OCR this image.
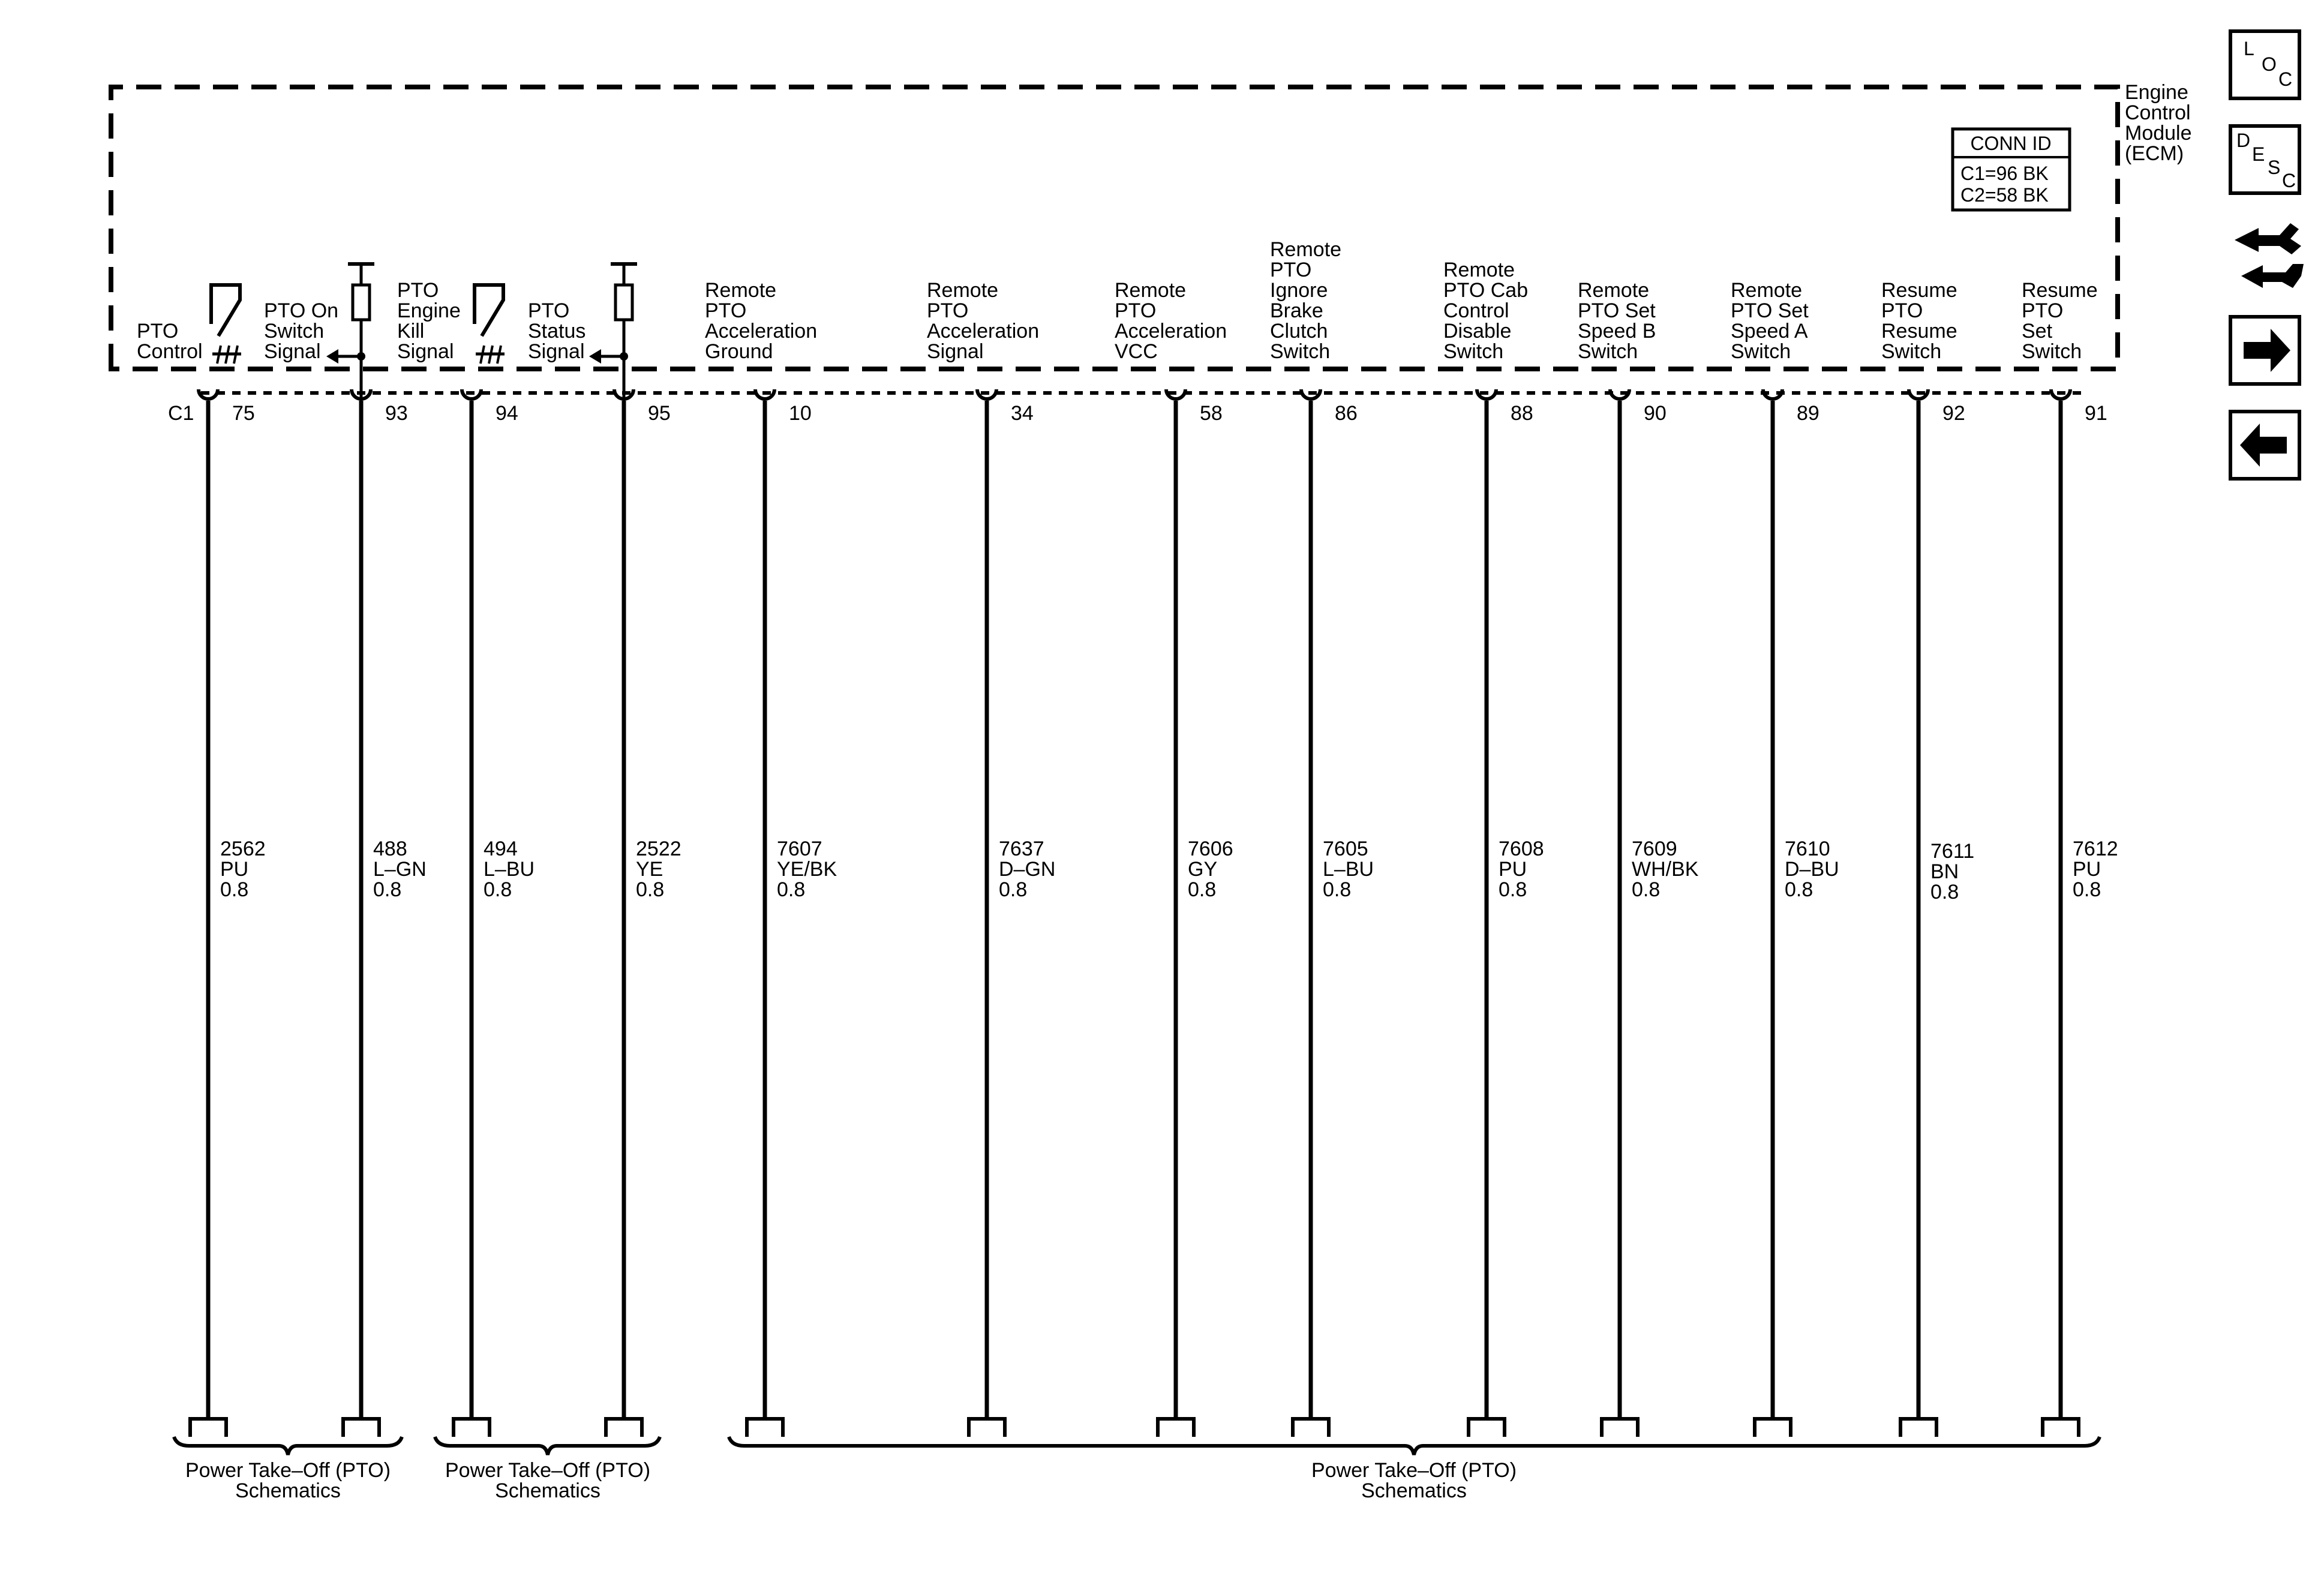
Engine
Control
Module
(ECM)
CONN ID
C1=96 BK
C2=58 BK
C1
PTO
Control
75
2562
PU
0.8
PTO On
Switch
Signal
PTO
Engine
Kill
Signal
93
488
L–GN
0.8
PTO
Status
Signal
94
494
L–BU
0.8
95
2522
YE
0.8
Remote
PTO
Acceleration
Ground
10
7607
YE/BK
0.8
Remote
PTO
Acceleration
Signal
34
7637
D–GN
0.8
Remote
PTO
Acceleration
VCC
58
7606
GY
0.8
Remote
PTO
Ignore
Brake
Clutch
Switch
86
7605
L–BU
0.8
Remote
PTO Cab
Control
Disable
Switch
88
7608
PU
0.8
Remote
PTO Set
Speed B
Switch
90
7609
WH/BK
0.8
Remote
PTO Set
Speed A
Switch
89
7610
D–BU
0.8
Resume
PTO
Resume
Switch
92
7611
BN
0.8
Resume
PTO
Set
Switch
91
7612
PU
0.8
Power Take–Off (PTO)
Schematics
Power Take–Off (PTO)
Schematics
Power Take–Off (PTO)
Schematics
L
O
C
D
E
S
C
